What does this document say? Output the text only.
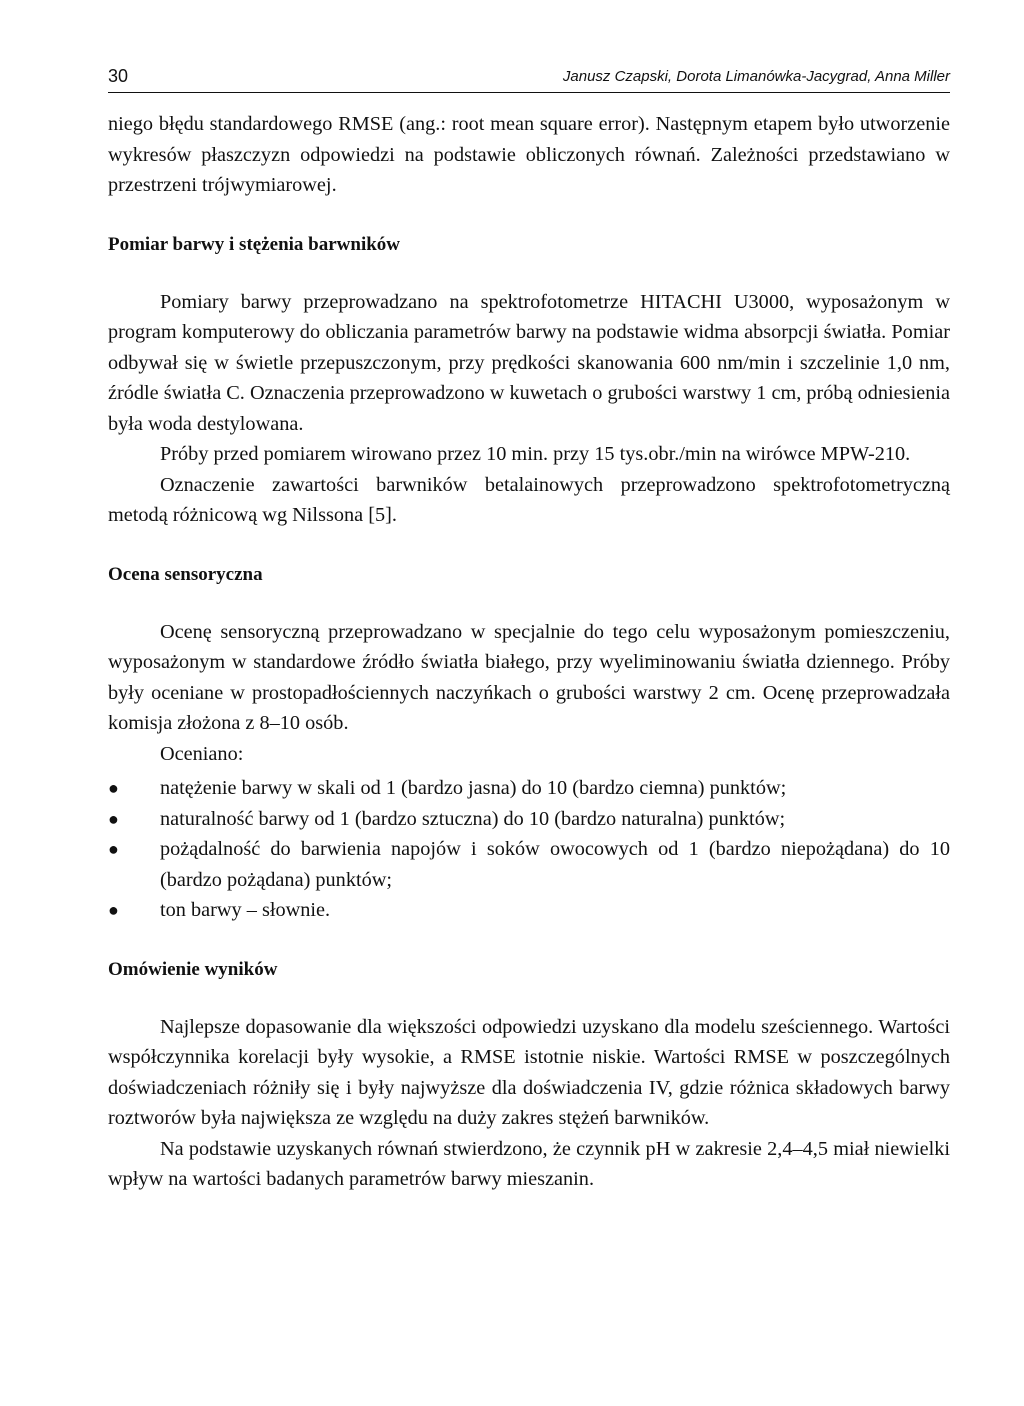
30	Janusz Czapski, Dorota Limanówka-Jacygrad, Anna Miller

niego błędu standardowego RMSE (ang.: root mean square error). Następnym etapem było utworzenie wykresów płaszczyzn odpowiedzi na podstawie obliczonych równań. Zależności przedstawiano w przestrzeni trójwymiarowej.

Pomiar barwy i stężenia barwników

Pomiary barwy przeprowadzano na spektrofotometrze HITACHI U3000, wyposażonym w program komputerowy do obliczania parametrów barwy na podstawie widma absorpcji światła. Pomiar odbywał się w świetle przepuszczonym, przy prędkości skanowania 600 nm/min i szczelinie 1,0 nm, źródle światła C. Oznaczenia przeprowadzono w kuwetach o grubości warstwy 1 cm, próbą odniesienia była woda destylowana.

Próby przed pomiarem wirowano przez 10 min. przy 15 tys.obr./min na wirówce MPW-210.

Oznaczenie zawartości barwników betalainowych przeprowadzono spektrofotometryczną metodą różnicową wg Nilssona [5].

Ocena sensoryczna

Ocenę sensoryczną przeprowadzano w specjalnie do tego celu wyposażonym pomieszczeniu, wyposażonym w standardowe źródło światła białego, przy wyeliminowaniu światła dziennego. Próby były oceniane w prostopadłościennych naczyńkach o grubości warstwy 2 cm. Ocenę przeprowadzała komisja złożona z 8–10 osób.

Oceniano:

●	natężenie barwy w skali od 1 (bardzo jasna) do 10 (bardzo ciemna) punktów;
●	naturalność barwy od 1 (bardzo sztuczna) do 10 (bardzo naturalna) punktów;
●	pożądalność do barwienia napojów i soków owocowych od 1 (bardzo niepożądana) do 10 (bardzo pożądana) punktów;
●	ton barwy – słownie.
Omówienie wyników

Najlepsze dopasowanie dla większości odpowiedzi uzyskano dla modelu sześciennego. Wartości współczynnika korelacji były wysokie, a RMSE istotnie niskie. Wartości RMSE w poszczególnych doświadczeniach różniły się i były najwyższe dla doświadczenia IV, gdzie różnica składowych barwy roztworów była największa ze względu na duży zakres stężeń barwników.

Na podstawie uzyskanych równań stwierdzono, że czynnik pH w zakresie 2,4–4,5 miał niewielki wpływ na wartości badanych parametrów barwy mieszanin.
